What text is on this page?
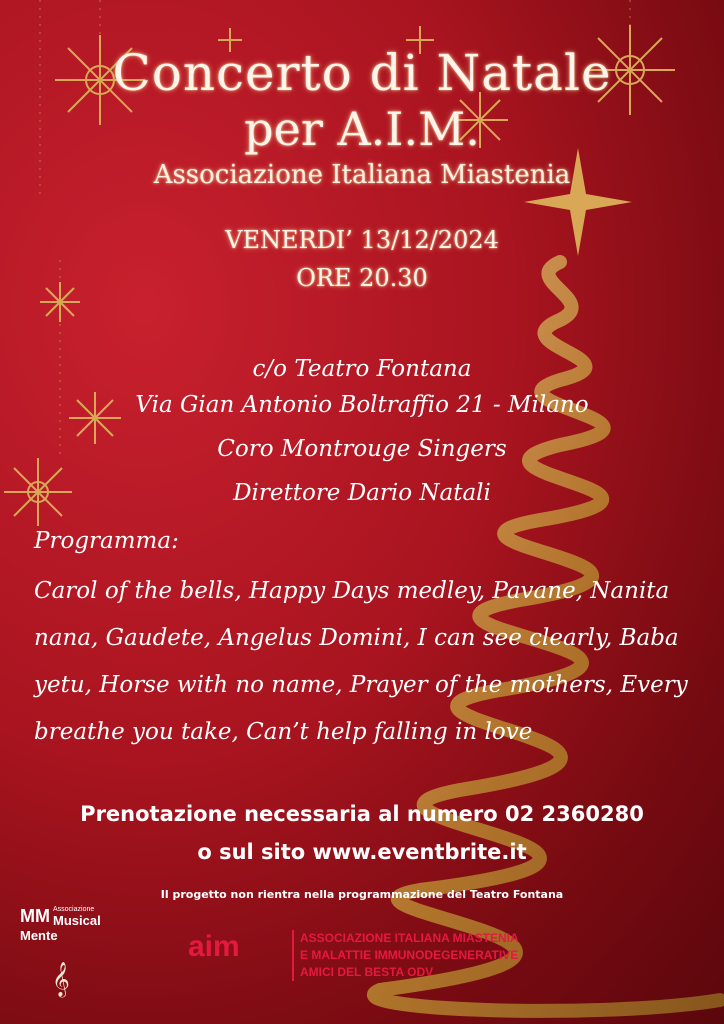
Concerto di Natale
per A.I.M.
Associazione Italiana Miastenia
VENERDI’ 13/12/2024
ORE 20.30
c/o Teatro Fontana
Via Gian Antonio Boltraffio 21 - Milano
Coro Montrouge Singers
Direttore Dario Natali
Programma:
Carol of the bells, Happy Days medley, Pavane, Nanita nana, Gaudete, Angelus Domini, I can see clearly, Baba yetu, Horse with no name, Prayer of the mothers, Every breathe you take, Can’t help falling in love
Prenotazione necessaria al numero 02 2360280
o sul sito www.eventbrite.it
Il progetto non rientra nella programmazione del Teatro Fontana
ΜΜ Associazione
Musical Mente	aim	ASSOCIAZIONE ITALIANA MIASTENIA
E MALATTIE IMMUNODEGENERATIVE
AMICI DEL BESTA ODV
𝄞
